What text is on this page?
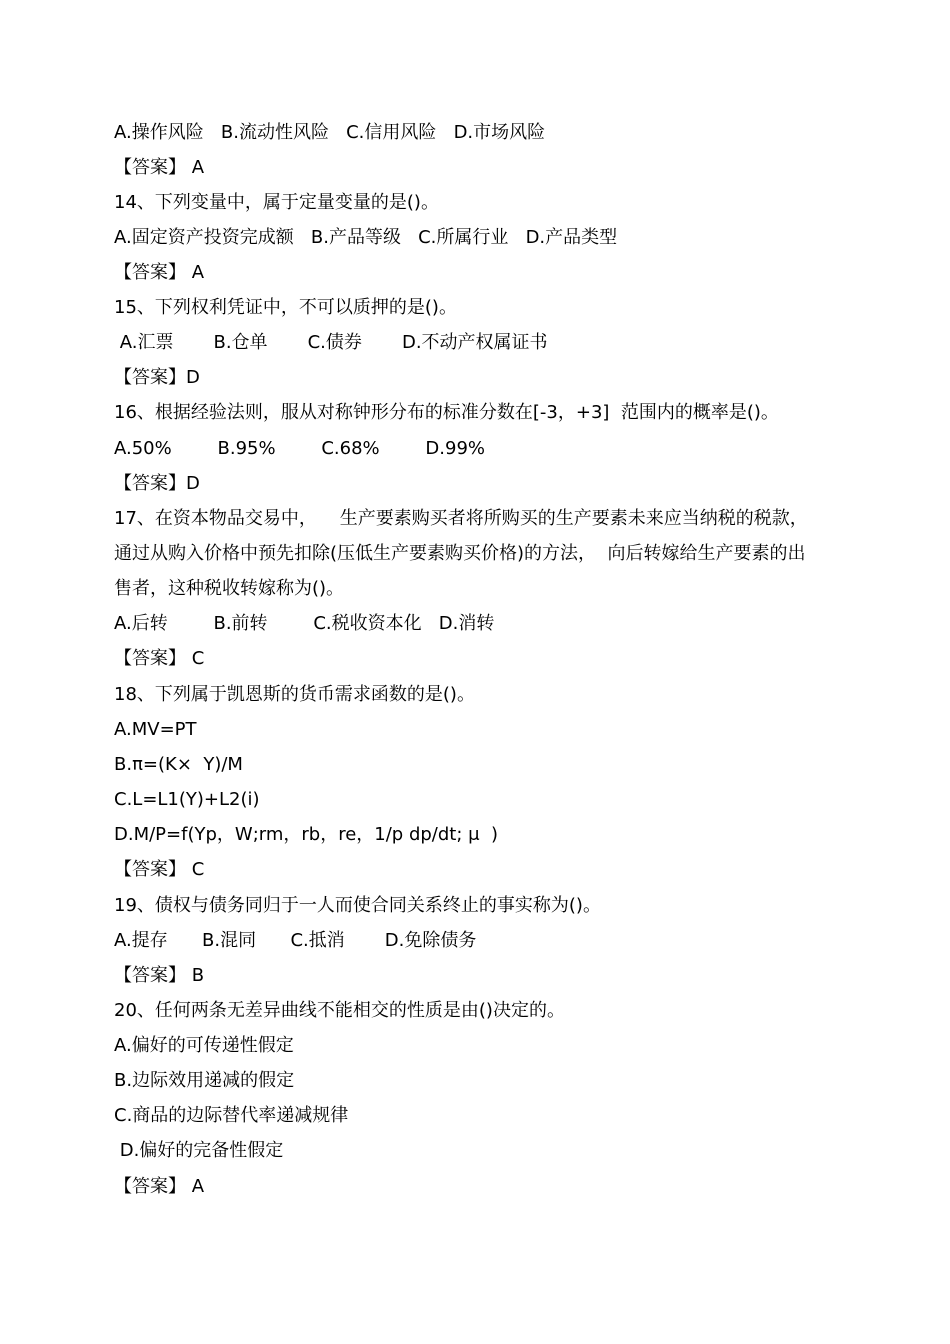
A.操作风险   B.流动性风险   C.信用风险   D.市场风险
【答案】 A
14、下列变量中，属于定量变量的是()。
A.固定资产投资完成额   B.产品等级   C.所属行业   D.产品类型
【答案】 A
15、下列权利凭证中，不可以质押的是()。
A.汇票       B.仓单       C.债券       D.不动产权属证书
【答案】D
16、根据经验法则，服从对称钟形分布的标准分数在[-3，+3]  范围内的概率是()。
A.50%        B.95%        C.68%        D.99%
【答案】D
17、在资本物品交易中，    生产要素购买者将所购买的生产要素未来应当纳税的税款，
通过从购入价格中预先扣除(压低生产要素购买价格)的方法，  向后转嫁给生产要素的出
售者，这种税收转嫁称为()。
A.后转        B.前转        C.税收资本化   D.消转
【答案】 C
18、下列属于凯恩斯的货币需求函数的是()。
A.MV=PT
B.π=(K×  Y)/M
C.L=L1(Y)+L2(i)
D.M/P=f(Yp，W;rm，rb，re，1/p dp/dt; μ  )
【答案】 C
19、债权与债务同归于一人而使合同关系终止的事实称为()。
A.提存      B.混同      C.抵消       D.免除债务
【答案】 B
20、任何两条无差异曲线不能相交的性质是由()决定的。
A.偏好的可传递性假定
B.边际效用递减的假定
C.商品的边际替代率递减规律
D.偏好的完备性假定
【答案】 A
